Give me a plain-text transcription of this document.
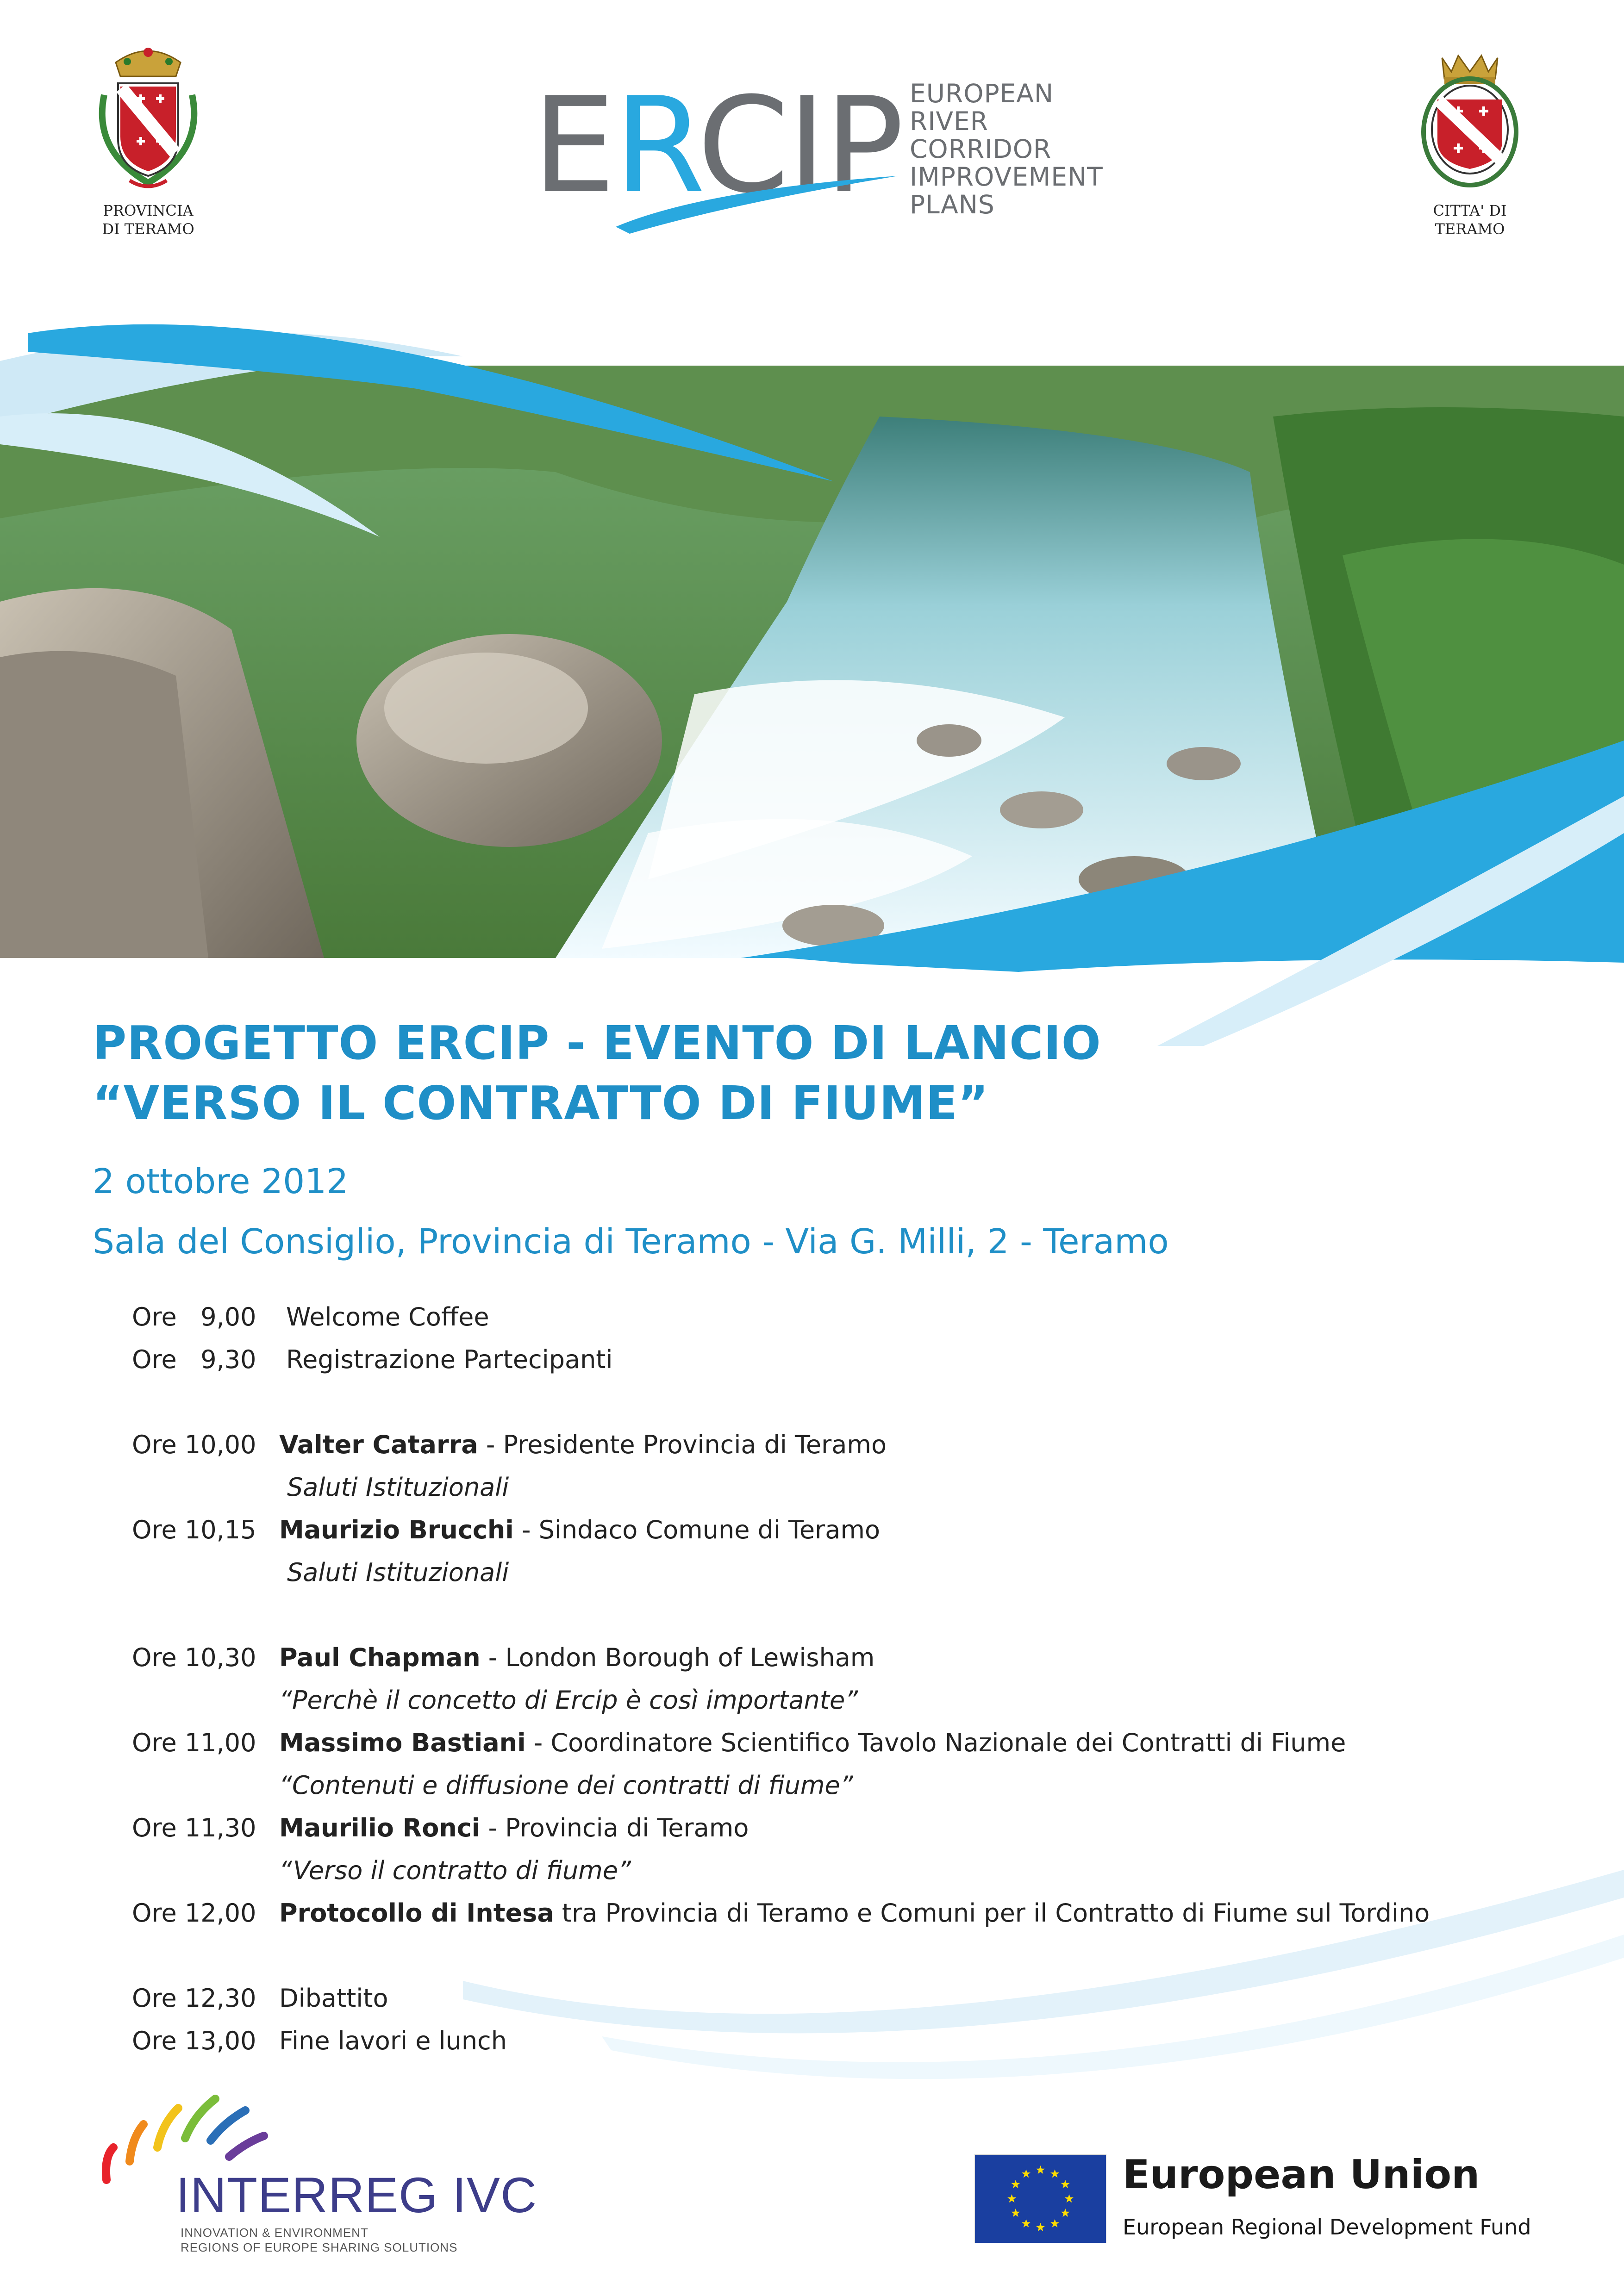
PROVINCIA
DI TERAMO
ERCIP EUROPEAN
RIVER CORRIDOR
IMPROVEMENT
PLANS	CITTA' DI
TERAMO
PROGETTO ERCIP - EVENTO DI LANCIO
“VERSO IL CONTRATTO DI FIUME”
2 ottobre 2012
Sala del Consiglio, Provincia di Teramo - Via G. Milli, 2 - Teramo
Ore   9,00 Welcome Coffee
Ore   9,30 Registrazione Partecipanti
Ore 10,00 Valter Catarra - Presidente Provincia di Teramo
Saluti Istituzionali
Ore 10,15 Maurizio Brucchi - Sindaco Comune di Teramo
Saluti Istituzionali
Ore 10,30 Paul Chapman - London Borough of Lewisham
“Perchè il concetto di Ercip è così importante”
Ore 11,00 Massimo Bastiani - Coordinatore Scientifico Tavolo Nazionale dei Contratti di Fiume
“Contenuti e diffusione dei contratti di fiume”
Ore 11,30 Maurilio Ronci - Provincia di Teramo
“Verso il contratto di fiume”
Ore 12,00 Protocollo di Intesa tra Provincia di Teramo e Comuni per il Contratto di Fiume sul Tordino
Ore 12,30 Dibattito
Ore 13,00 Fine lavori e lunch
INTERREG IVC
INNOVATION & ENVIRONMENT
REGIONS OF EUROPE SHARING SOLUTIONS
European Union
European Regional Development Fund
